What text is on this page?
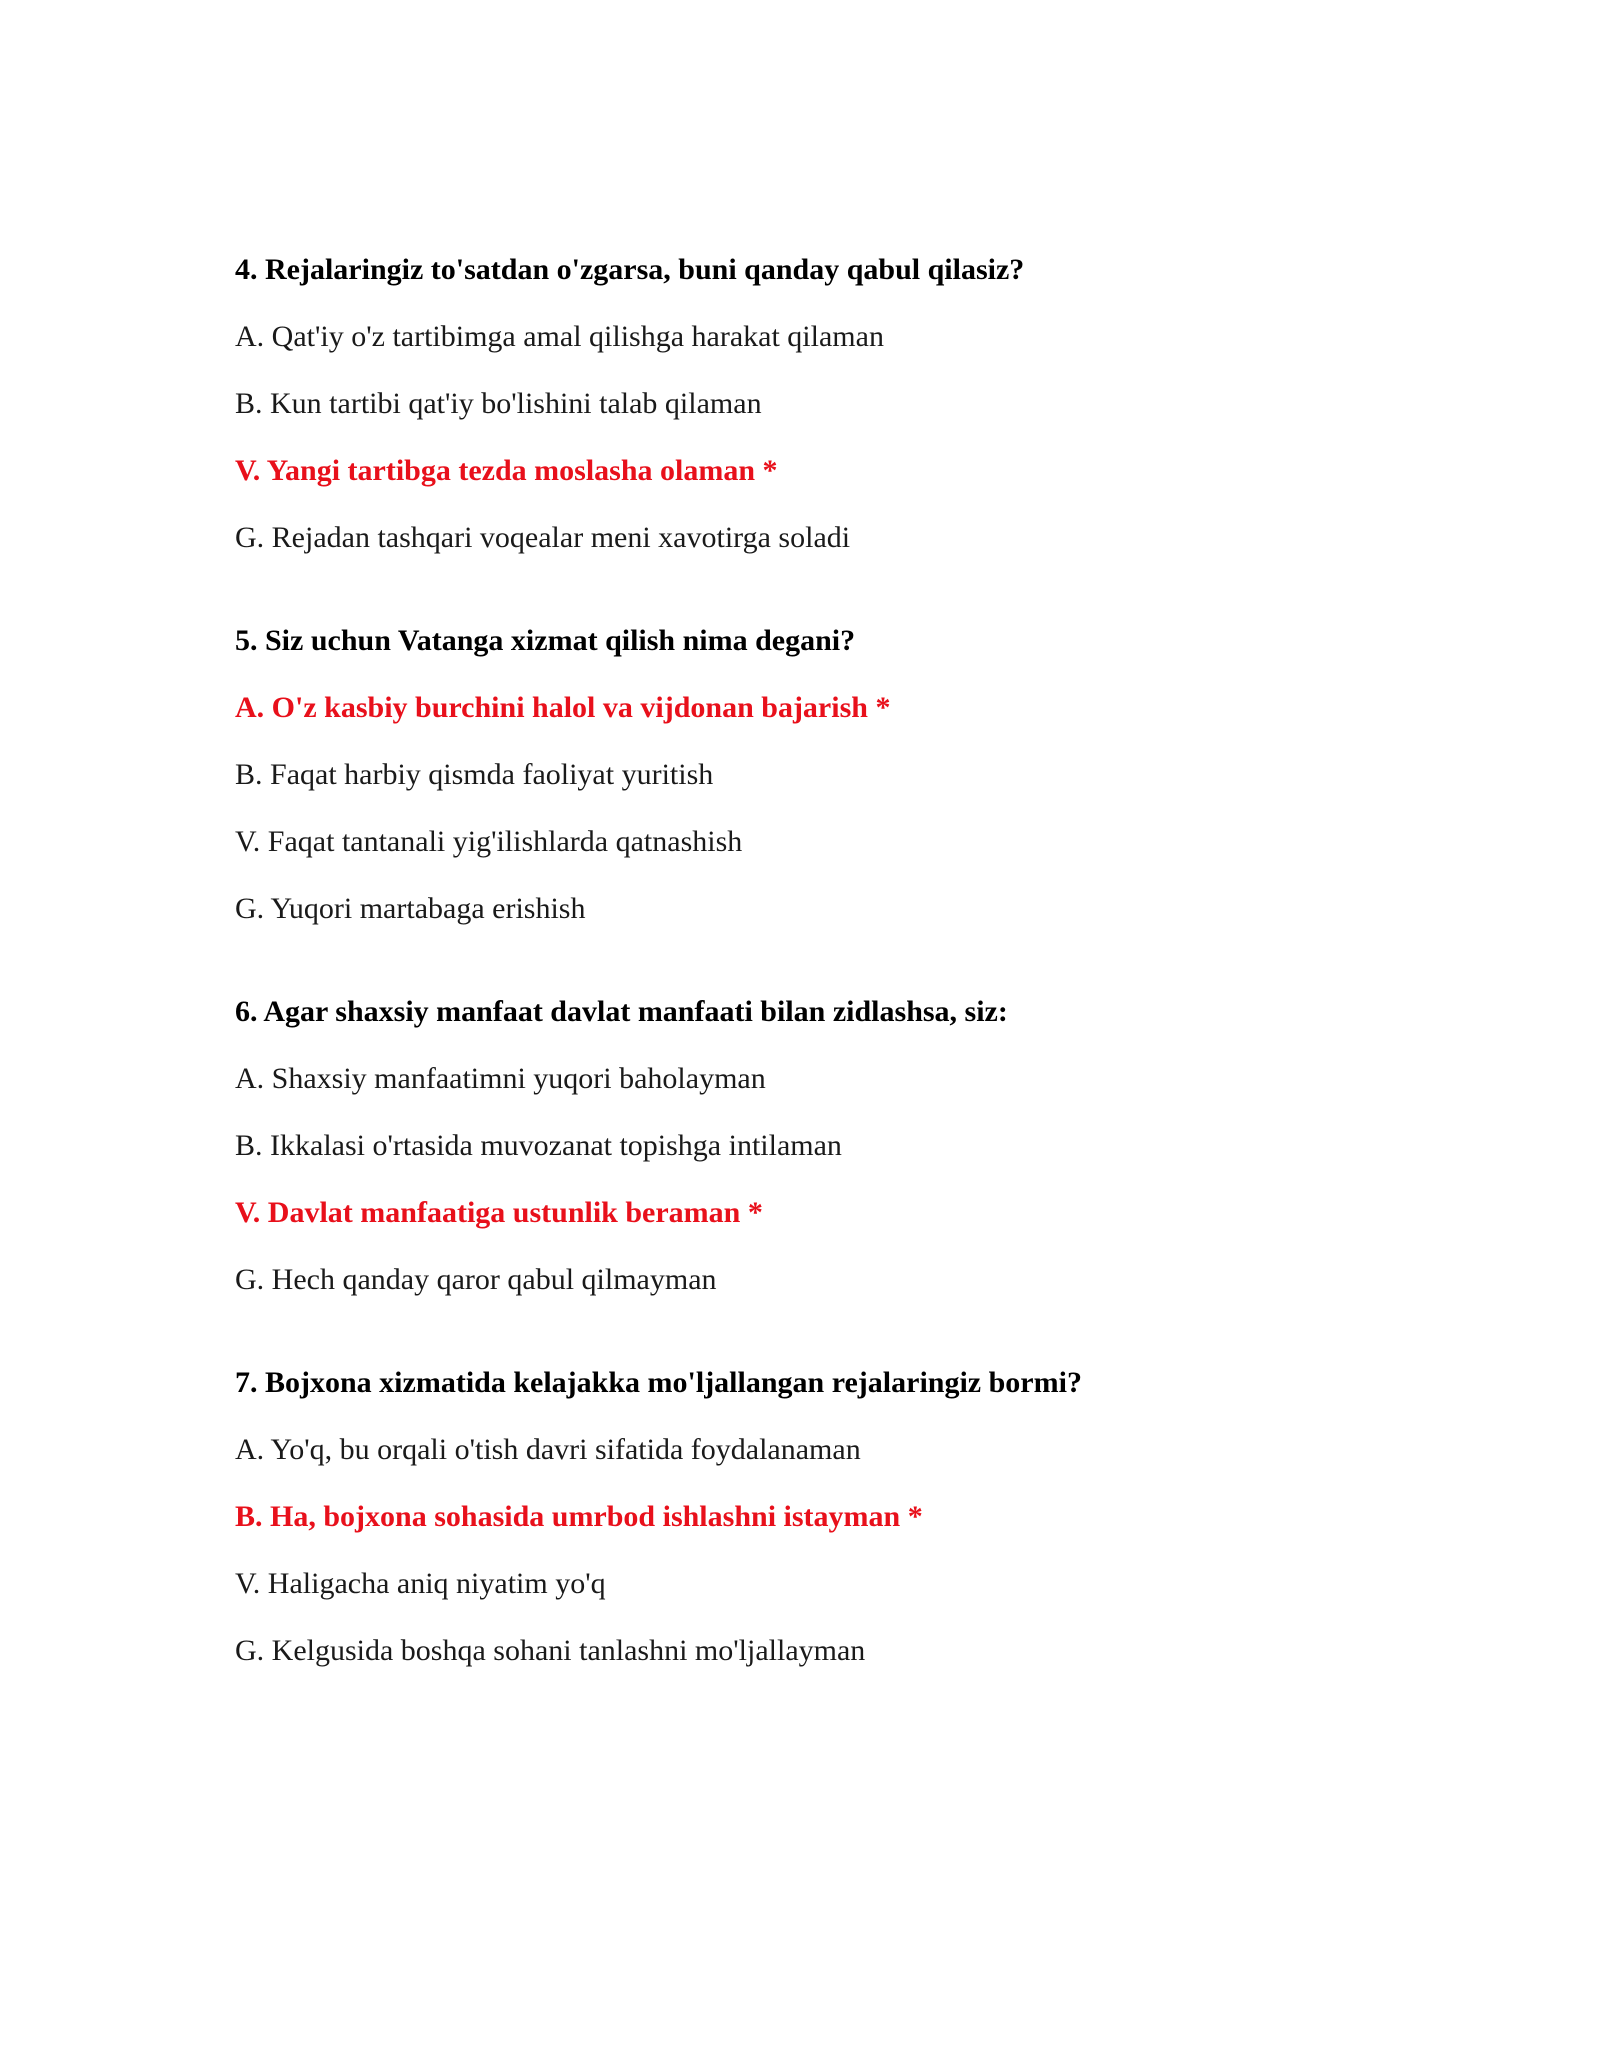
4. Rejalaringiz to'satdan o'zgarsa, buni qanday qabul qilasiz?
A. Qat'iy o'z tartibimga amal qilishga harakat qilaman
B. Kun tartibi qat'iy bo'lishini talab qilaman
V. Yangi tartibga tezda moslasha olaman *
G. Rejadan tashqari voqealar meni xavotirga soladi
5. Siz uchun Vatanga xizmat qilish nima degani?
A. O'z kasbiy burchini halol va vijdonan bajarish *
B. Faqat harbiy qismda faoliyat yuritish
V. Faqat tantanali yig'ilishlarda qatnashish
G. Yuqori martabaga erishish
6. Agar shaxsiy manfaat davlat manfaati bilan zidlashsa, siz:
A. Shaxsiy manfaatimni yuqori baholayman
B. Ikkalasi o'rtasida muvozanat topishga intilaman
V. Davlat manfaatiga ustunlik beraman *
G. Hech qanday qaror qabul qilmayman
7. Bojxona xizmatida kelajakka mo'ljallangan rejalaringiz bormi?
A. Yo'q, bu orqali o'tish davri sifatida foydalanaman
B. Ha, bojxona sohasida umrbod ishlashni istayman *
V. Haligacha aniq niyatim yo'q
G. Kelgusida boshqa sohani tanlashni mo'ljallayman
